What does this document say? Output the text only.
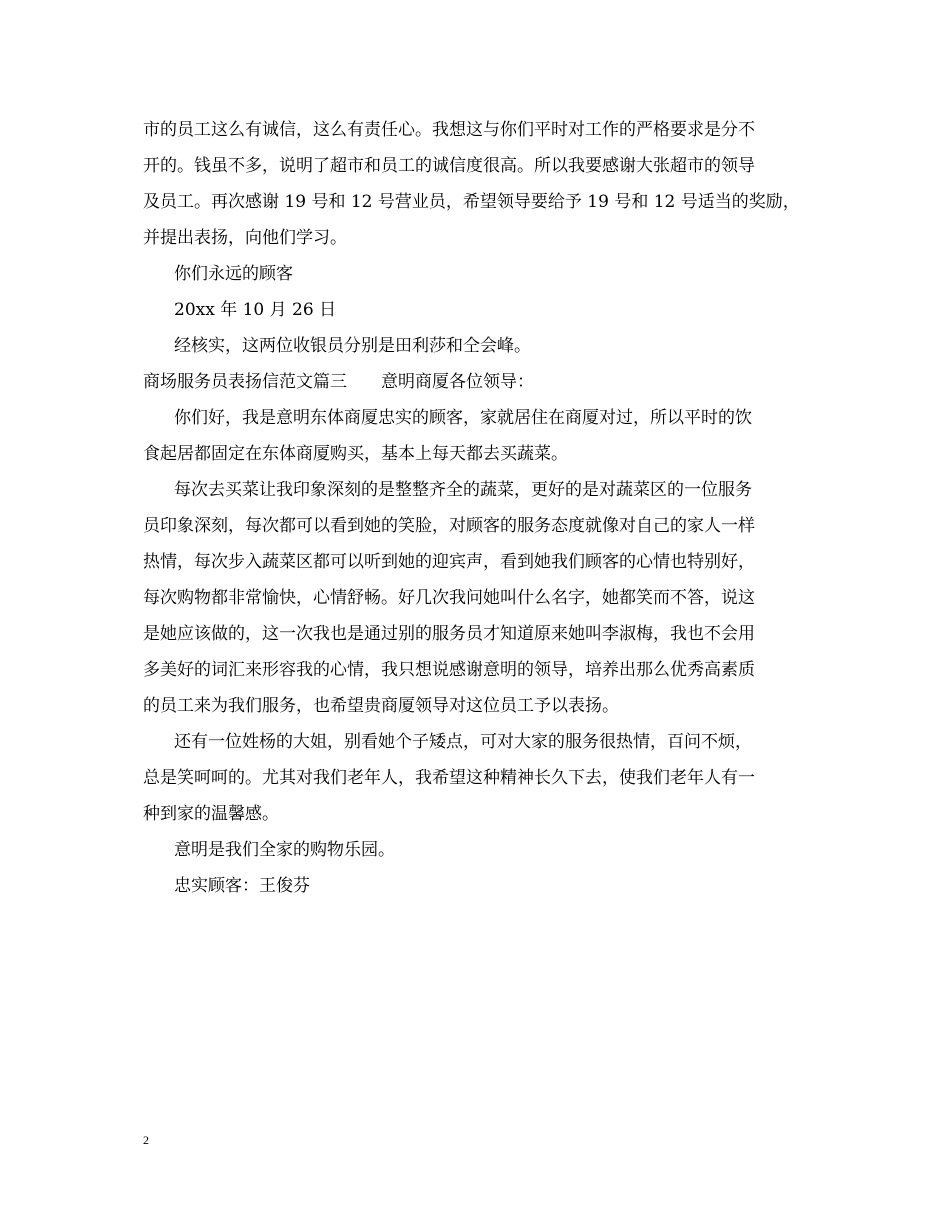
市的员工这么有诚信，这么有责任心。我想这与你们平时对工作的严格要求是分不
开的。钱虽不多，说明了超市和员工的诚信度很高。所以我要感谢大张超市的领导
及员工。再次感谢 19 号和 12 号营业员，希望领导要给予 19 号和 12 号适当的奖励，
并提出表扬，向他们学习。
你们永远的顾客
20xx 年 10 月 26 日
经核实，这两位收银员分别是田利莎和仝会峰。
商场服务员表扬信范文篇三　　意明商厦各位领导：
你们好，我是意明东体商厦忠实的顾客，家就居住在商厦对过，所以平时的饮
食起居都固定在东体商厦购买，基本上每天都去买蔬菜。
每次去买菜让我印象深刻的是整整齐全的蔬菜，更好的是对蔬菜区的一位服务
员印象深刻，每次都可以看到她的笑脸，对顾客的服务态度就像对自己的家人一样
热情，每次步入蔬菜区都可以听到她的迎宾声，看到她我们顾客的心情也特别好，
每次购物都非常愉快，心情舒畅。好几次我问她叫什么名字，她都笑而不答，说这
是她应该做的，这一次我也是通过别的服务员才知道原来她叫李淑梅，我也不会用
多美好的词汇来形容我的心情，我只想说感谢意明的领导，培养出那么优秀高素质
的员工来为我们服务，也希望贵商厦领导对这位员工予以表扬。
还有一位姓杨的大姐，别看她个子矮点，可对大家的服务很热情，百问不烦，
总是笑呵呵的。尤其对我们老年人，我希望这种精神长久下去，使我们老年人有一
种到家的温馨感。
意明是我们全家的购物乐园。
忠实顾客：王俊芬
2
